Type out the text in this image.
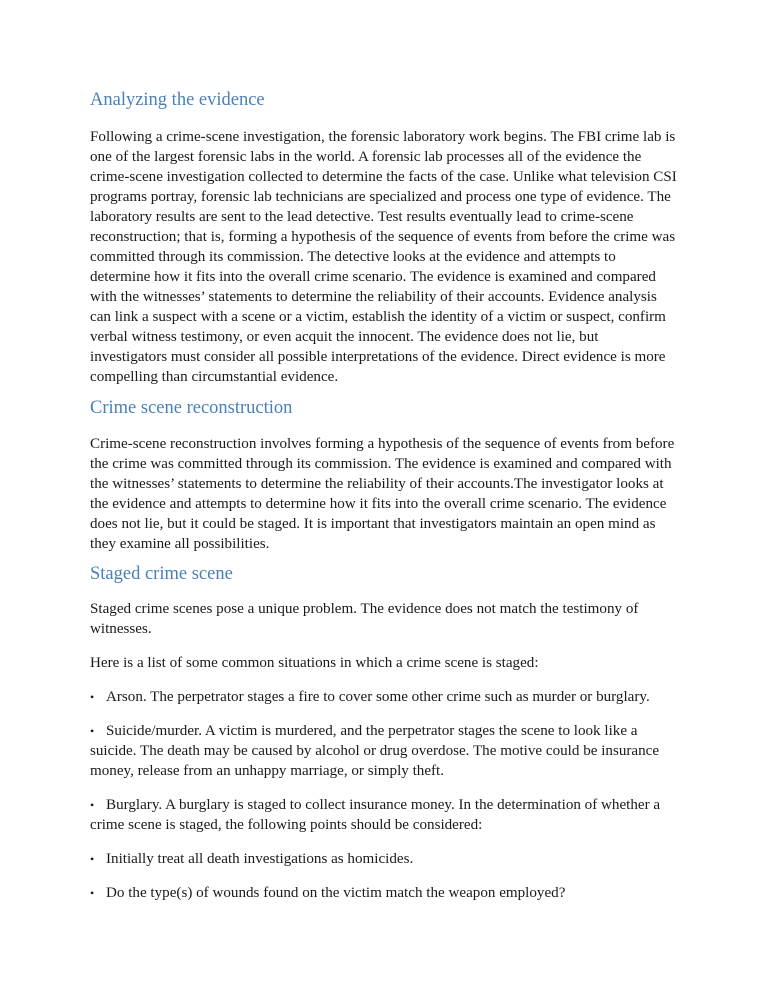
Analyzing the evidence

Following a crime-scene investigation, the forensic laboratory work begins. The FBI crime lab is one of the largest forensic labs in the world. A forensic lab processes all of the evidence the crime-scene investigation collected to determine the facts of the case. Unlike what television CSI programs portray, forensic lab technicians are specialized and process one type of evidence. The laboratory results are sent to the lead detective. Test results eventually lead to crime-scene reconstruction; that is, forming a hypothesis of the sequence of events from before the crime was committed through its commission. The detective looks at the evidence and attempts to determine how it fits into the overall crime scenario. The evidence is examined and compared with the witnesses’ statements to determine the reliability of their accounts. Evidence analysis can link a suspect with a scene or a victim, establish the identity of a victim or suspect, confirm verbal witness testimony, or even acquit the innocent. The evidence does not lie, but investigators must consider all possible interpretations of the evidence. Direct evidence is more compelling than circumstantial evidence.

Crime scene reconstruction

Crime-scene reconstruction involves forming a hypothesis of the sequence of events from before the crime was committed through its commission. The evidence is examined and compared with the witnesses’ statements to determine the reliability of their accounts.The investigator looks at the evidence and attempts to determine how it fits into the overall crime scenario. The evidence does not lie, but it could be staged. It is important that investigators maintain an open mind as they examine all possibilities.

Staged crime scene

Staged crime scenes pose a unique problem. The evidence does not match the testimony of witnesses.

Here is a list of some common situations in which a crime scene is staged:

•Arson. The perpetrator stages a fire to cover some other crime such as murder or burglary.
•Suicide/murder. A victim is murdered, and the perpetrator stages the scene to look like a suicide. The death may be caused by alcohol or drug overdose. The motive could be insurance money, release from an unhappy marriage, or simply theft.
•Burglary. A burglary is staged to collect insurance money. In the determination of whether a crime scene is staged, the following points should be considered:
•Initially treat all death investigations as homicides.
•Do the type(s) of wounds found on the victim match the weapon employed?
